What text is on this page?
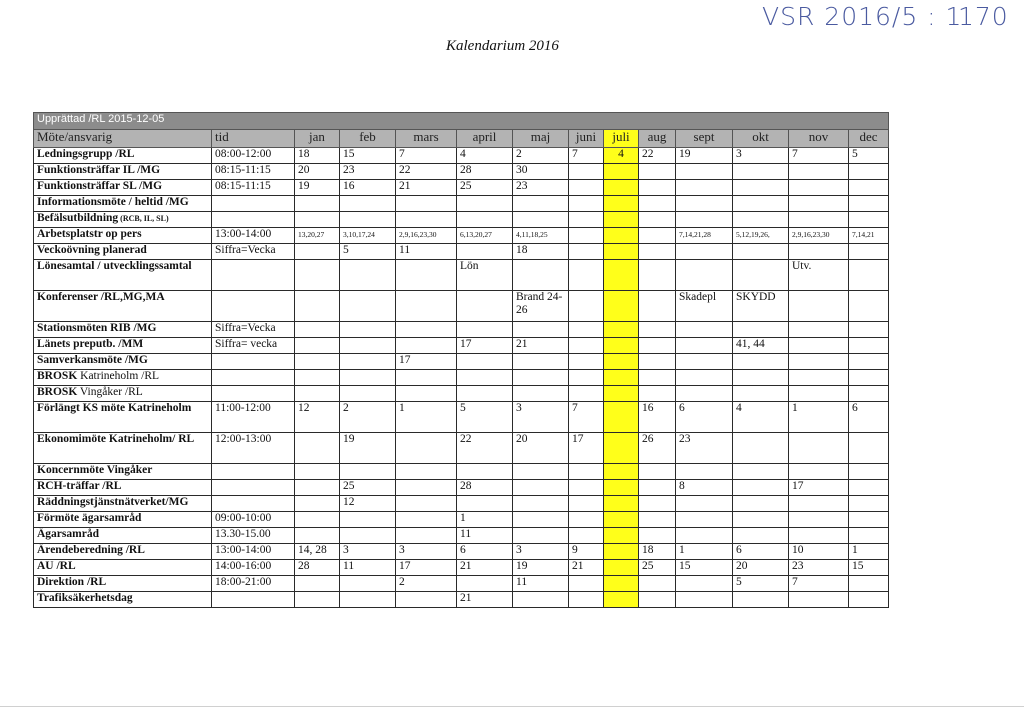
Kalendarium 2016
VSR 2016/5 : 1
170
Upprättad /RL 2015-12-05													
Möte/ansvarig	tid	jan	feb	mars	april	maj	juni	juli	aug	sept	okt	nov	dec
Ledningsgrupp /RL	08:00-12:00	18	15	7	4	2	7	4	22	19	3	7	5
Funktionsträffar IL /MG	08:15-11:15	20	23	22	28	30							
Funktionsträffar SL /MG	08:15-11:15	19	16	21	25	23							
Informationsmöte / heltid /MG													
Befälsutbildning (RCB, IL, SL)													
Arbetsplatstr op pers	13:00-14:00	13,20,27	3,10,17,24	2,9,16,23,30	6,13,20,27	4,11,18,25				7,14,21,28	5,12,19,26,	2,9,16,23,30	7,14,21
Veckoövning planerad	Siffra=Vecka		5	11		18							
Lönesamtal / utvecklingssamtal					Lön							Utv.	
Konferenser /RL,MG,MA						Brand 24-26				Skadepl	SKYDD		
Stationsmöten RIB /MG	Siffra=Vecka												
Länets preputb. /MM	Siffra= vecka				17	21					41, 44		
Samverkansmöte /MG				17									
BROSK Katrineholm /RL													
BROSK Vingåker /RL													
Förlängt KS möte Katrineholm	11:00-12:00	12	2	1	5	3	7		16	6	4	1	6
Ekonomimöte Katrineholm/ RL	12:00-13:00		19		22	20	17		26	23			
Koncernmöte Vingåker													
RCH-träffar /RL			25		28					8		17	
Räddningstjänstnätverket/MG			12										
Förmöte ägarsamråd	09:00-10:00				1								
Ägarsamråd	13.30-15.00				11								
Ärendeberedning /RL	13:00-14:00	14, 28	3	3	6	3	9		18	1	6	10	1
AU /RL	14:00-16:00	28	11	17	21	19	21		25	15	20	23	15
Direktion /RL	18:00-21:00			2		11					5	7	
Trafiksäkerhetsdag					21								
